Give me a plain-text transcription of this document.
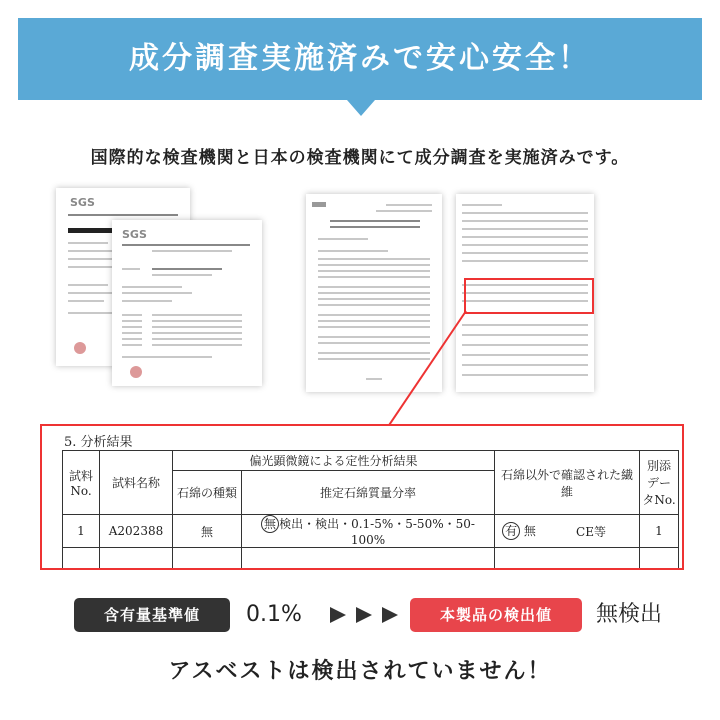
成分調査実施済みで安心安全！
国際的な検査機関と日本の検査機関にて成分調査を実施済みです。
SGS
SGS
5. 分析結果
試料No.	試料名称	偏光顕微鏡による定性分析結果		石綿以外で確認された繊維		別添データNo.
		石綿の種類	推定石綿質量分率			
1	A202388	無	無 検出・検出・0.1-5%・5-50%・50-100%	有 無	CE等	1

含有量基準値	0.1%	本製品の検出値	無検出
アスベストは検出されていません！
